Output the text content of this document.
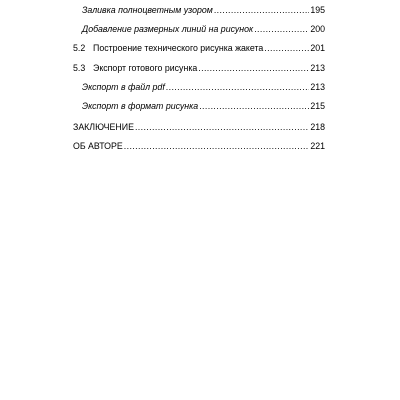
Заливка полноцветным узором .....	195
Добавление размерных линий на рисунок .....	200
5.2 Построение технического рисунка жакета .....	201
5.3 Экспорт готового рисунка .....	213
Экспорт в файл pdf .....	213
Экспорт в формат рисунка .....	215
ЗАКЛЮЧЕНИЕ .....	218
ОБ АВТОРЕ .....	221
